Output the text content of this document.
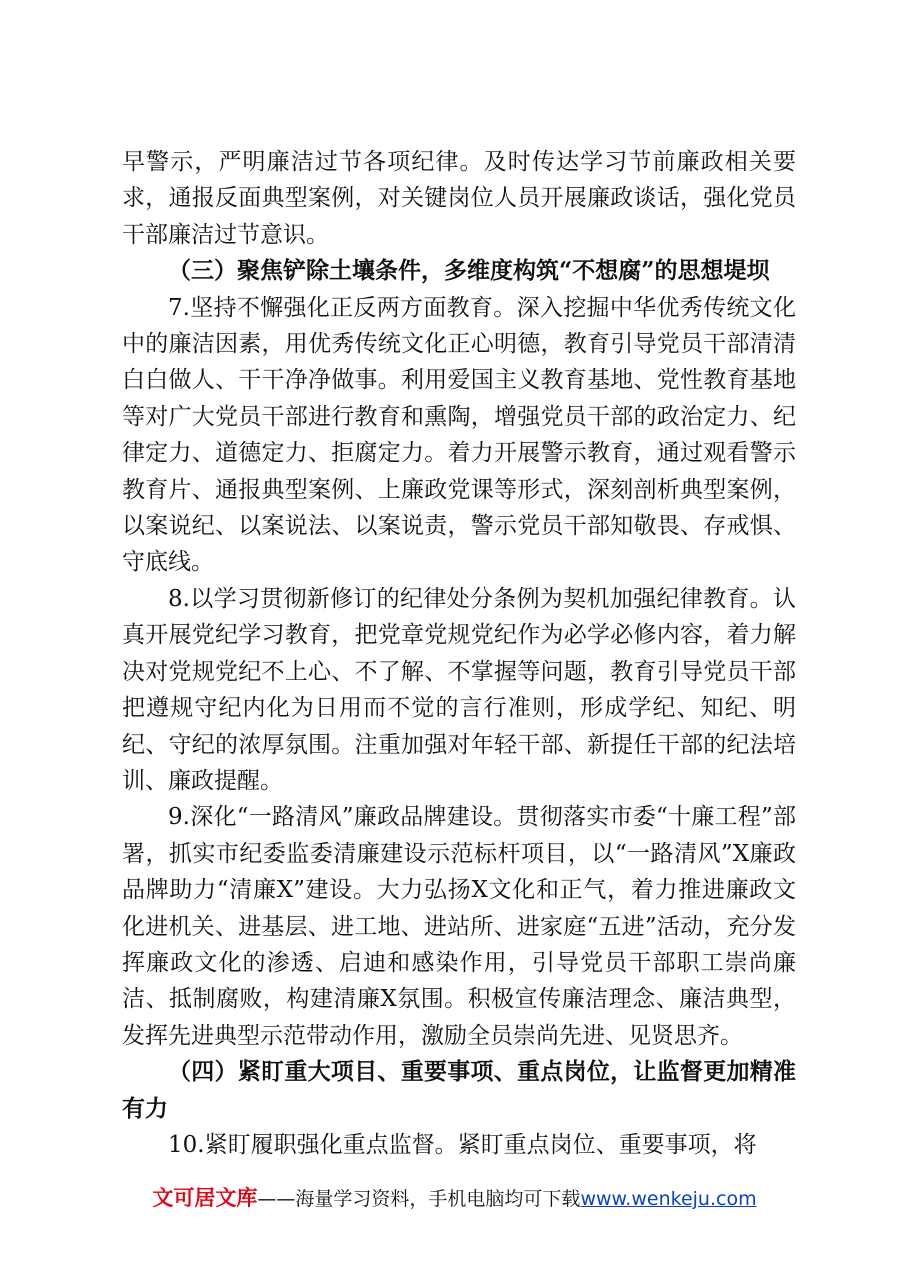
早警示，严明廉洁过节各项纪律。及时传达学习节前廉政相关要求，通报反面典型案例，对关键岗位人员开展廉政谈话，强化党员干部廉洁过节意识。

（三）聚焦铲除土壤条件，多维度构筑“不想腐”的思想堤坝

7.坚持不懈强化正反两方面教育。深入挖掘中华优秀传统文化中的廉洁因素，用优秀传统文化正心明德，教育引导党员干部清清白白做人、干干净净做事。利用爱国主义教育基地、党性教育基地等对广大党员干部进行教育和熏陶，增强党员干部的政治定力、纪律定力、道德定力、拒腐定力。着力开展警示教育，通过观看警示教育片、通报典型案例、上廉政党课等形式，深刻剖析典型案例，以案说纪、以案说法、以案说责，警示党员干部知敬畏、存戒惧、守底线。

8.以学习贯彻新修订的纪律处分条例为契机加强纪律教育。认真开展党纪学习教育，把党章党规党纪作为必学必修内容，着力解决对党规党纪不上心、不了解、不掌握等问题，教育引导党员干部把遵规守纪内化为日用而不觉的言行准则，形成学纪、知纪、明纪、守纪的浓厚氛围。注重加强对年轻干部、新提任干部的纪法培训、廉政提醒。

9.深化“一路清风”廉政品牌建设。贯彻落实市委“十廉工程”部署，抓实市纪委监委清廉建设示范标杆项目，以“一路清风”X廉政品牌助力“清廉X”建设。大力弘扬X文化和正气，着力推进廉政文化进机关、进基层、进工地、进站所、进家庭“五进”活动，充分发挥廉政文化的渗透、启迪和感染作用，引导党员干部职工崇尚廉洁、抵制腐败，构建清廉X氛围。积极宣传廉洁理念、廉洁典型，发挥先进典型示范带动作用，激励全员崇尚先进、见贤思齐。

（四）紧盯重大项目、重要事项、重点岗位，让监督更加精准有力

10.紧盯履职强化重点监督。紧盯重点岗位、重要事项，将

文可居文库——海量学习资料，手机电脑均可下载www.wenkeju.com
